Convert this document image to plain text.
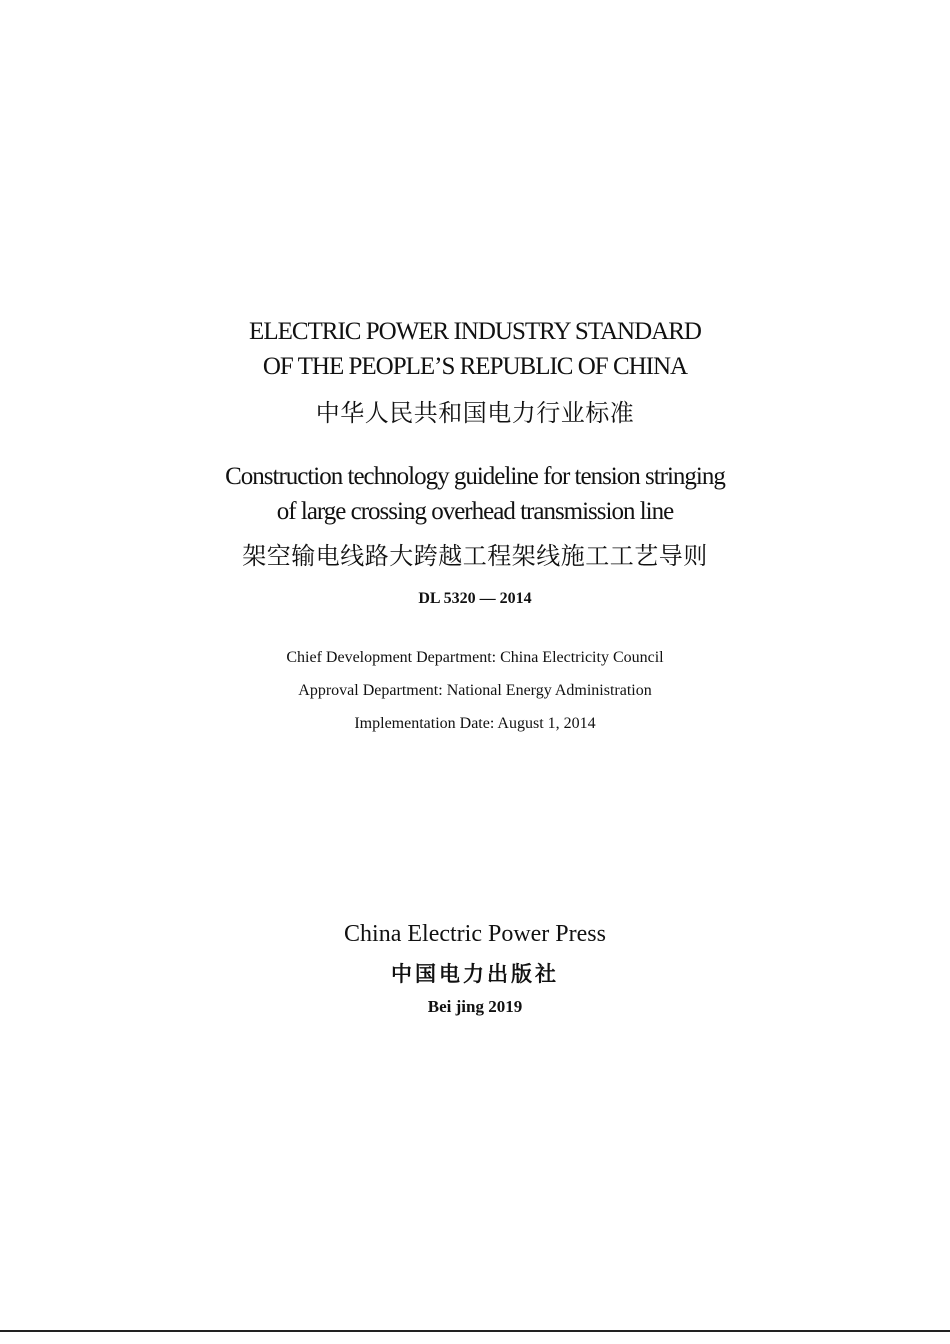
ELECTRIC POWER INDUSTRY STANDARD
OF THE PEOPLE’S REPUBLIC OF CHINA
中华人民共和国电力行业标准
Construction technology guideline for tension stringing
of large crossing overhead transmission line
架空输电线路大跨越工程架线施工工艺导则
DL 5320 — 2014
Chief Development Department: China Electricity Council
Approval Department: National Energy Administration
Implementation Date: August 1, 2014
China Electric Power Press
中国电力出版社
Bei jing 2019
